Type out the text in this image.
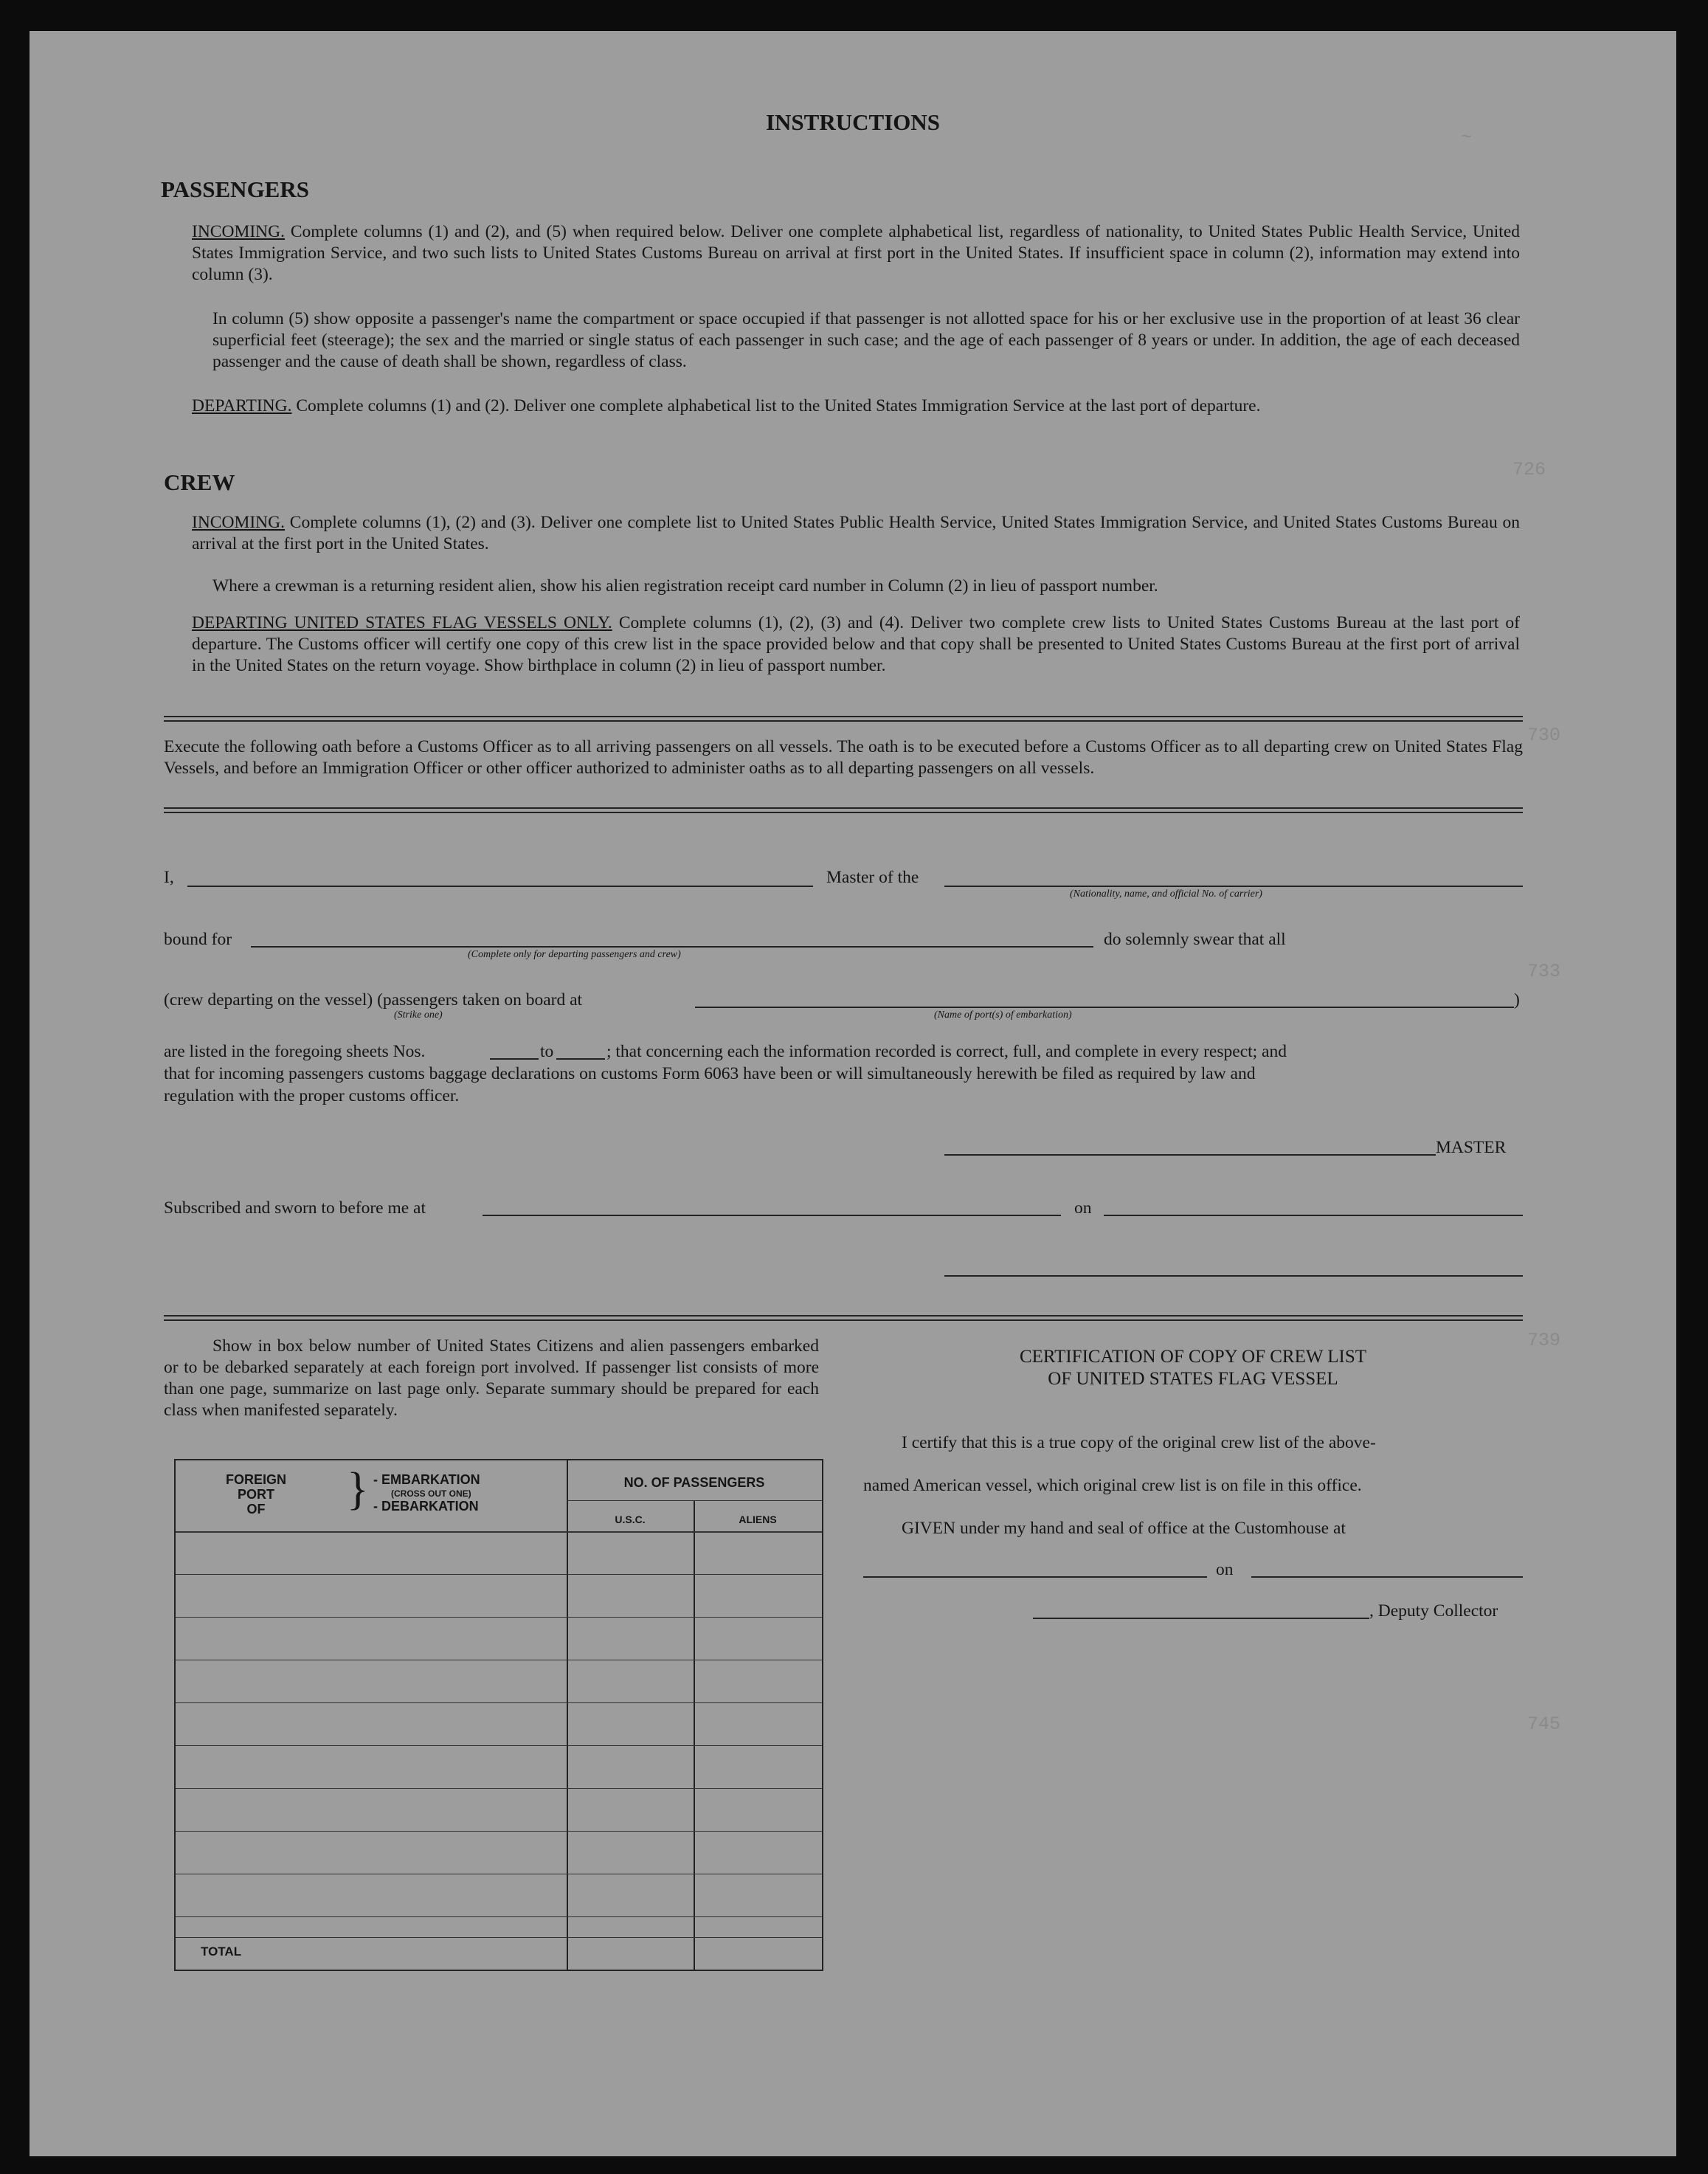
~
726
730
733
739
745
INSTRUCTIONS
PASSENGERS
INCOMING. Complete columns (1) and (2), and (5) when required below. Deliver one complete alphabetical list, regardless of nationality, to United States Public Health Service, United States Immigration Service, and two such lists to United States Customs Bureau on arrival at first port in the United States. If insufficient space in column (2), information may extend into column (3).
In column (5) show opposite a passenger's name the compartment or space occupied if that passenger is not allotted space for his or her exclusive use in the proportion of at least 36 clear superficial feet (steerage); the sex and the married or single status of each passenger in such case; and the age of each passenger of 8 years or under. In addition, the age of each deceased passenger and the cause of death shall be shown, regardless of class.
DEPARTING. Complete columns (1) and (2). Deliver one complete alphabetical list to the United States Immigration Service at the last port of departure.
CREW
INCOMING. Complete columns (1), (2) and (3). Deliver one complete list to United States Public Health Service, United States Immigration Service, and United States Customs Bureau on arrival at the first port in the United States.
Where a crewman is a returning resident alien, show his alien registration receipt card number in Column (2) in lieu of passport number.
DEPARTING UNITED STATES FLAG VESSELS ONLY. Complete columns (1), (2), (3) and (4). Deliver two complete crew lists to United States Customs Bureau at the last port of departure. The Customs officer will certify one copy of this crew list in the space provided below and that copy shall be presented to United States Customs Bureau at the first port of arrival in the United States on the return voyage. Show birthplace in column (2) in lieu of passport number.
Execute the following oath before a Customs Officer as to all arriving passengers on all vessels. The oath is to be executed before a Customs Officer as to all departing crew on United States Flag Vessels, and before an Immigration Officer or other officer authorized to administer oaths as to all departing passengers on all vessels.
I,	Master of the
(Nationality, name, and official No. of carrier)
bound for
(Complete only for departing passengers and crew)
do solemnly swear that all
(crew departing on the vessel) (passengers taken on board at	)
(Strike one)	(Name of port(s) of embarkation)
are listed in the foregoing sheets Nos.	to	; that concerning each the information recorded is correct, full, and complete in every respect; and
that for incoming passengers customs baggage declarations on customs Form 6063 have been or will simultaneously herewith be filed as required by law and
regulation with the proper customs officer.
MASTER
Subscribed and sworn to before me at	on
Show in box below number of United States Citizens and alien passengers embarked or to be debarked separately at each foreign port involved. If passenger list consists of more than one page, summarize on last page only. Separate summary should be prepared for each class when manifested separately.
FOREIGN
PORT
OF	} - EMBARKATION
(CROSS OUT ONE)
- DEBARKATION
NO. OF PASSENGERS
U.S.C.	ALIENS
TOTAL
CERTIFICATION OF COPY OF CREW LIST
OF UNITED STATES FLAG VESSEL
I certify that this is a true copy of the original crew list of the above-
named American vessel, which original crew list is on file in this office.
GIVEN under my hand and seal of office at the Customhouse at
on
, Deputy Collector
